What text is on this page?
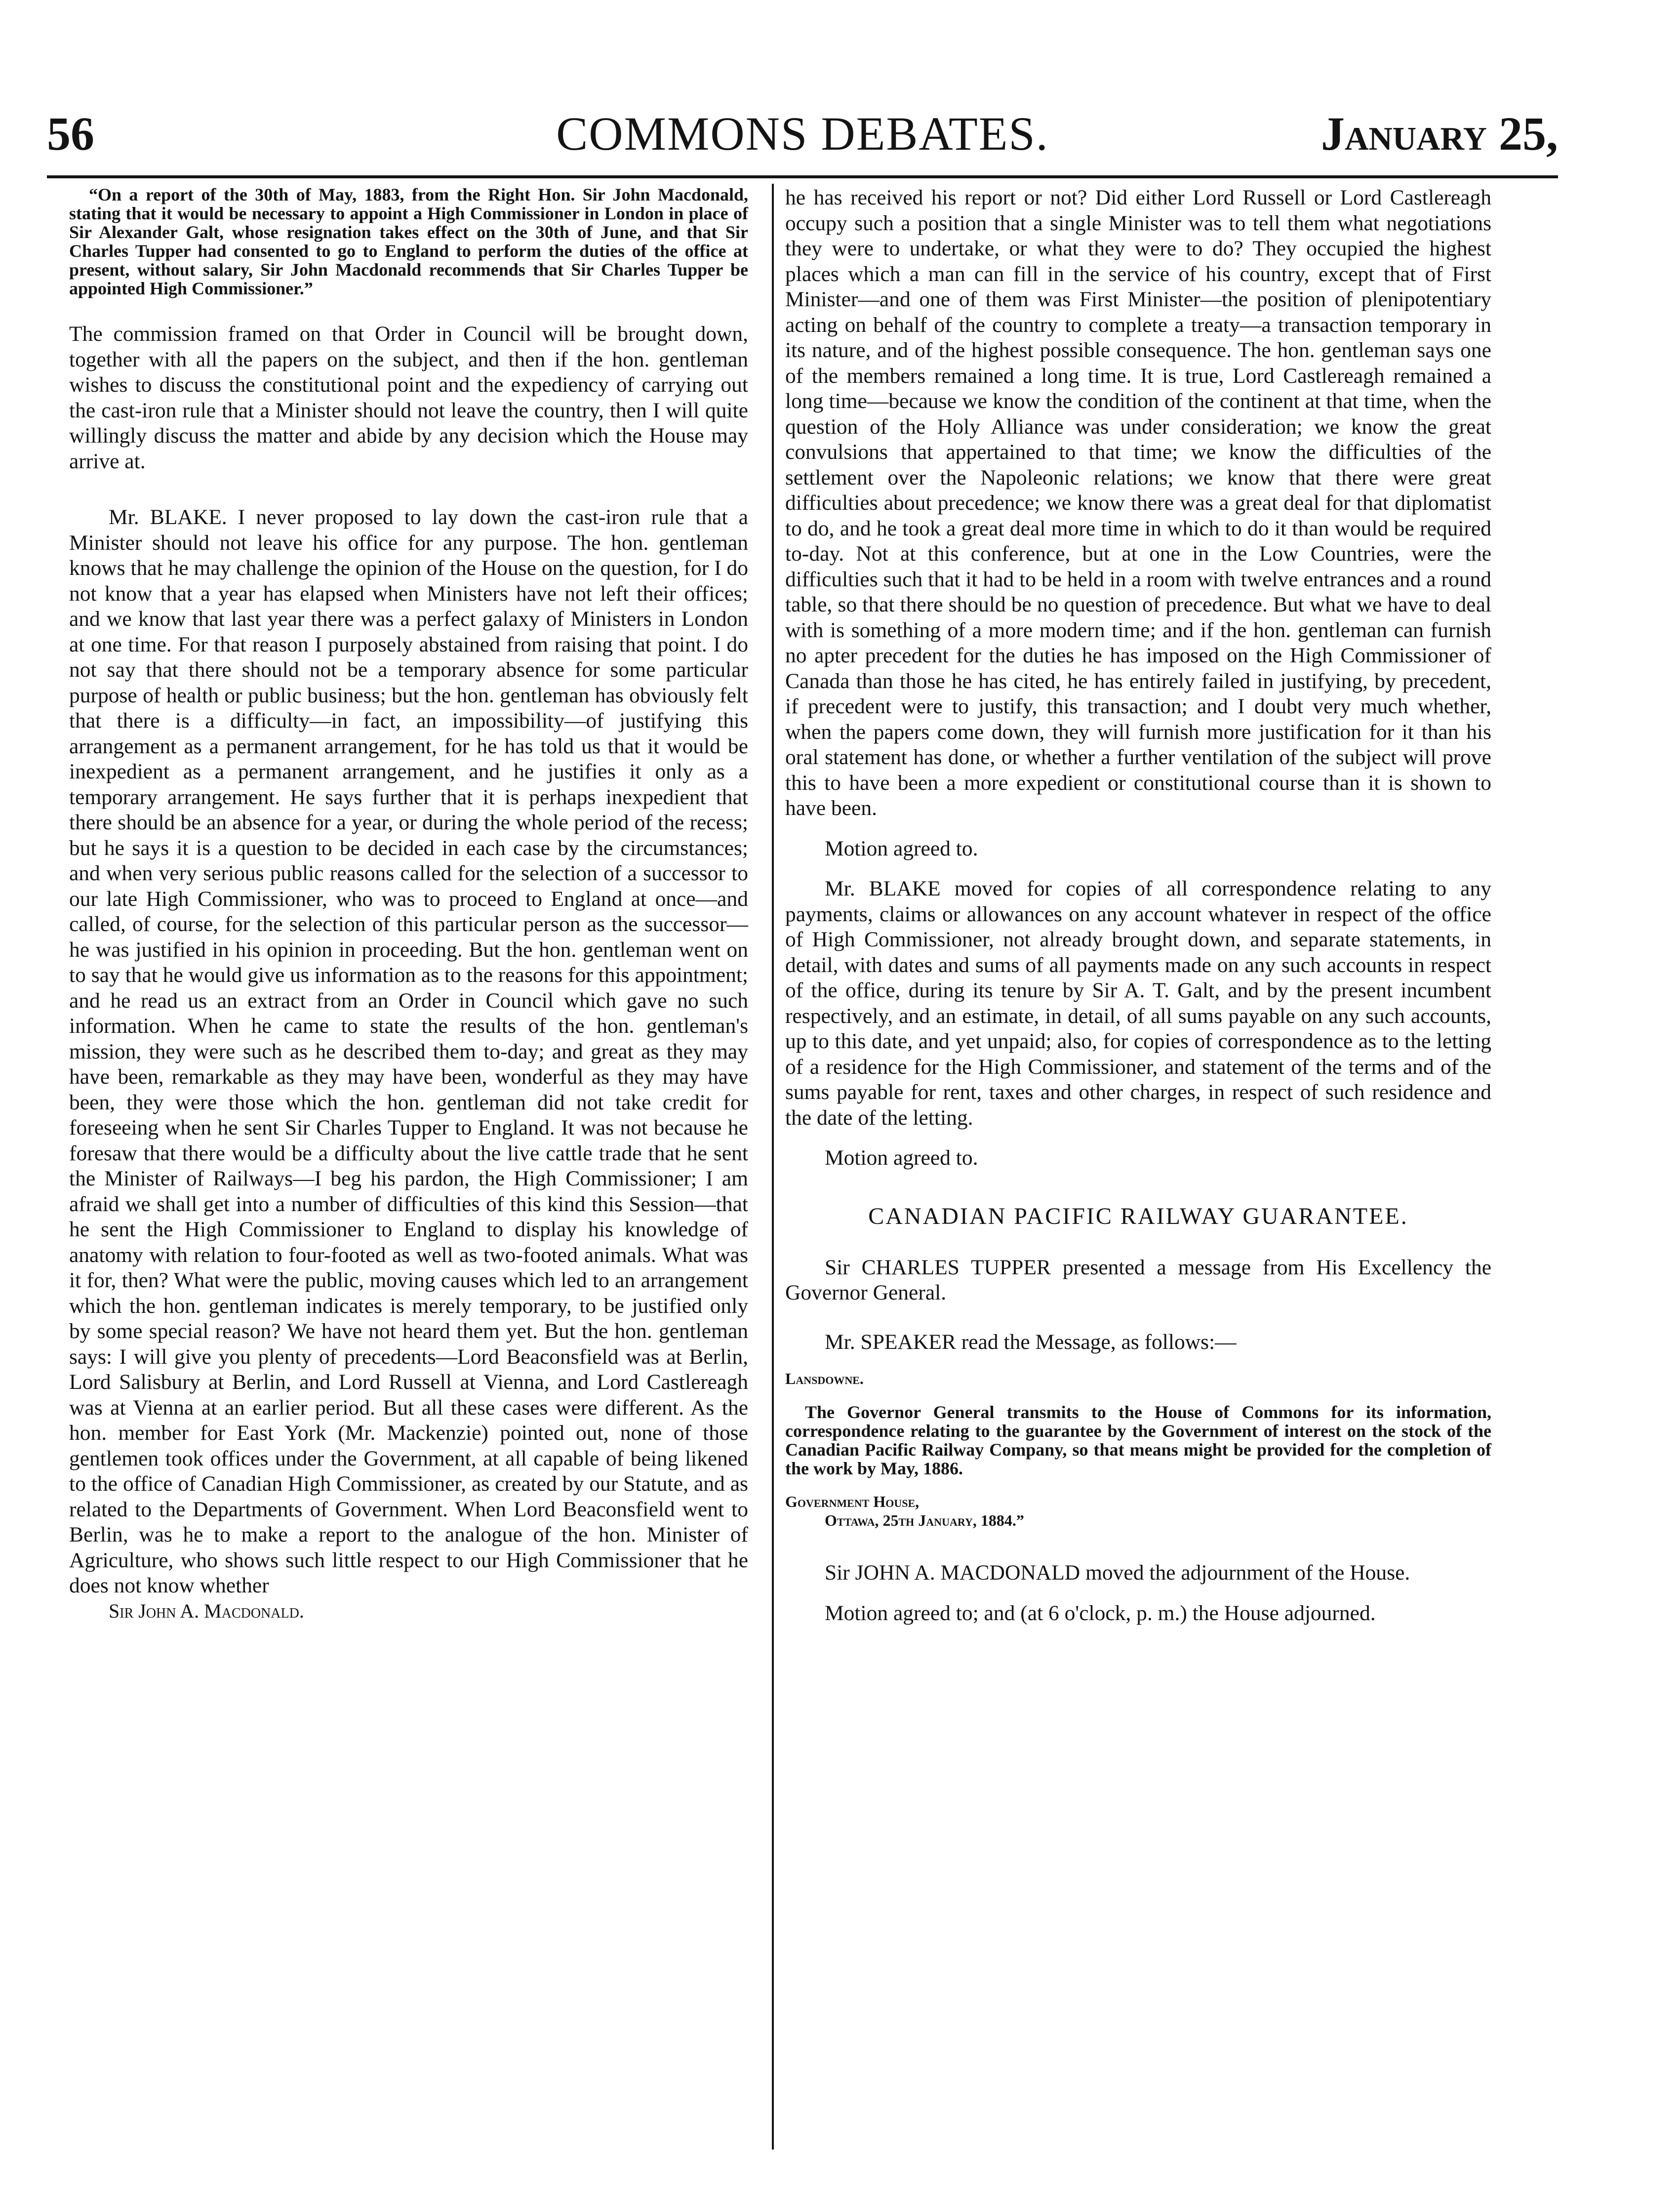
56	COMMONS DEBATES.	January 25,

“On a report of the 30th of May, 1883, from the Right Hon. Sir John Macdonald, stating that it would be necessary to appoint a High Commissioner in London in place of Sir Alexander Galt, whose resignation takes effect on the 30th of June, and that Sir Charles Tupper had consented to go to England to perform the duties of the office at present, without salary, Sir John Macdonald recommends that Sir Charles Tupper be appointed High Commissioner.”

The commission framed on that Order in Council will be brought down, together with all the papers on the subject, and then if the hon. gentleman wishes to discuss the constitutional point and the expediency of carrying out the cast-iron rule that a Minister should not leave the country, then I will quite willingly discuss the matter and abide by any decision which the House may arrive at.

Mr. BLAKE. I never proposed to lay down the cast-iron rule that a Minister should not leave his office for any purpose. The hon. gentleman knows that he may challenge the opinion of the House on the question, for I do not know that a year has elapsed when Ministers have not left their offices; and we know that last year there was a perfect galaxy of Ministers in London at one time. For that reason I purposely abstained from raising that point. I do not say that there should not be a temporary absence for some particular purpose of health or public business; but the hon. gentleman has obviously felt that there is a difficulty—in fact, an impossibility—of justifying this arrangement as a permanent arrangement, for he has told us that it would be inexpedient as a permanent arrangement, and he justifies it only as a temporary arrangement. He says further that it is perhaps inexpedient that there should be an absence for a year, or during the whole period of the recess; but he says it is a question to be decided in each case by the circumstances; and when very serious public reasons called for the selection of a successor to our late High Commissioner, who was to proceed to England at once—and called, of course, for the selection of this particular person as the successor—he was justified in his opinion in proceeding. But the hon. gentleman went on to say that he would give us information as to the reasons for this appointment; and he read us an extract from an Order in Council which gave no such information. When he came to state the results of the hon. gentleman's mission, they were such as he described them to-day; and great as they may have been, remarkable as they may have been, wonderful as they may have been, they were those which the hon. gentleman did not take credit for foreseeing when he sent Sir Charles Tupper to England. It was not because he foresaw that there would be a difficulty about the live cattle trade that he sent the Minister of Railways—I beg his pardon, the High Commissioner; I am afraid we shall get into a number of difficulties of this kind this Session—that he sent the High Commissioner to England to display his knowledge of anatomy with relation to four-footed as well as two-footed animals. What was it for, then? What were the public, moving causes which led to an arrangement which the hon. gentleman indicates is merely temporary, to be justified only by some special reason? We have not heard them yet. But the hon. gentleman says: I will give you plenty of precedents—Lord Beaconsfield was at Berlin, Lord Salisbury at Berlin, and Lord Russell at Vienna, and Lord Castlereagh was at Vienna at an earlier period. But all these cases were different. As the hon. member for East York (Mr. Mackenzie) pointed out, none of those gentlemen took offices under the Government, at all capable of being likened to the office of Canadian High Commissioner, as created by our Statute, and as related to the Departments of Government. When Lord Beaconsfield went to Berlin, was he to make a report to the analogue of the hon. Minister of Agriculture, who shows such little respect to our High Commissioner that he does not know whether

Sir John A. Macdonald.

he has received his report or not? Did either Lord Russell or Lord Castlereagh occupy such a position that a single Minister was to tell them what negotiations they were to undertake, or what they were to do? They occupied the highest places which a man can fill in the service of his country, except that of First Minister—and one of them was First Minister—the position of plenipotentiary acting on behalf of the country to complete a treaty—a transaction temporary in its nature, and of the highest possible consequence. The hon. gentleman says one of the members remained a long time. It is true, Lord Castlereagh remained a long time—because we know the condition of the continent at that time, when the question of the Holy Alliance was under consideration; we know the great convulsions that appertained to that time; we know the difficulties of the settlement over the Napoleonic relations; we know that there were great difficulties about precedence; we know there was a great deal for that diplomatist to do, and he took a great deal more time in which to do it than would be required to-day. Not at this conference, but at one in the Low Countries, were the difficulties such that it had to be held in a room with twelve entrances and a round table, so that there should be no question of precedence. But what we have to deal with is something of a more modern time; and if the hon. gentleman can furnish no apter precedent for the duties he has imposed on the High Commissioner of Canada than those he has cited, he has entirely failed in justifying, by precedent, if precedent were to justify, this transaction; and I doubt very much whether, when the papers come down, they will furnish more justification for it than his oral statement has done, or whether a further ventilation of the subject will prove this to have been a more expedient or constitutional course than it is shown to have been.

Motion agreed to.

Mr. BLAKE moved for copies of all correspondence relating to any payments, claims or allowances on any account whatever in respect of the office of High Commissioner, not already brought down, and separate statements, in detail, with dates and sums of all payments made on any such accounts in respect of the office, during its tenure by Sir A. T. Galt, and by the present incumbent respectively, and an estimate, in detail, of all sums payable on any such accounts, up to this date, and yet unpaid; also, for copies of correspondence as to the letting of a residence for the High Commissioner, and statement of the terms and of the sums payable for rent, taxes and other charges, in respect of such residence and the date of the letting.

Motion agreed to.

CANADIAN PACIFIC RAILWAY GUARANTEE.

Sir CHARLES TUPPER presented a message from His Excellency the Governor General.

Mr. SPEAKER read the Message, as follows:—

Lansdowne.

The Governor General transmits to the House of Commons for its information, correspondence relating to the guarantee by the Government of interest on the stock of the Canadian Pacific Railway Company, so that means might be provided for the completion of the work by May, 1886.

Government House,
Ottawa, 25th January, 1884.”

Sir JOHN A. MACDONALD moved the adjournment of the House.

Motion agreed to; and (at 6 o'clock, p. m.) the House adjourned.
